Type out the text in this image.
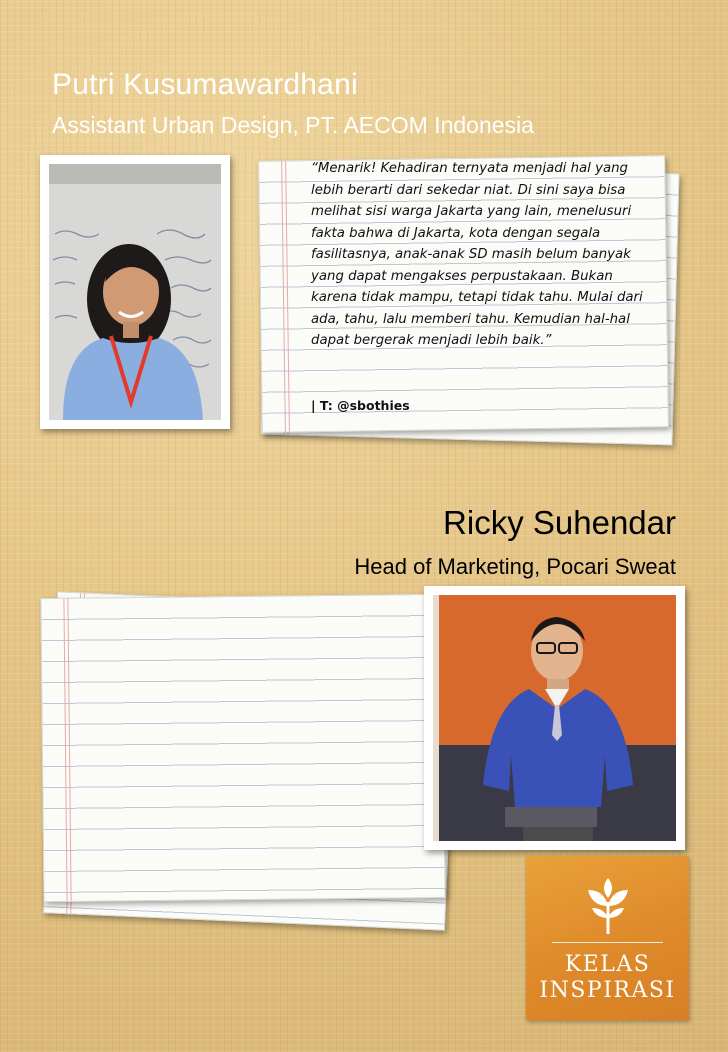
Putri Kusumawardhani
Assistant Urban Design, PT. AECOM Indonesia

“Menarik! Kehadiran ternyata menjadi hal yang lebih berarti dari sekedar niat. Di sini saya bisa melihat sisi warga Jakarta yang lain, menelusuri fakta bahwa di Jakarta, kota dengan segala fasilitasnya, anak-anak SD masih belum banyak yang dapat mengakses perpustakaan. Bukan karena tidak mampu, tetapi tidak tahu. Mulai dari ada, tahu, lalu memberi tahu. Kemudian hal-hal dapat bergerak menjadi lebih baik.”

| T: @sbothies
Ricky Suhendar
Head of Marketing, Pocari Sweat
KELAS
INSPIRASI
